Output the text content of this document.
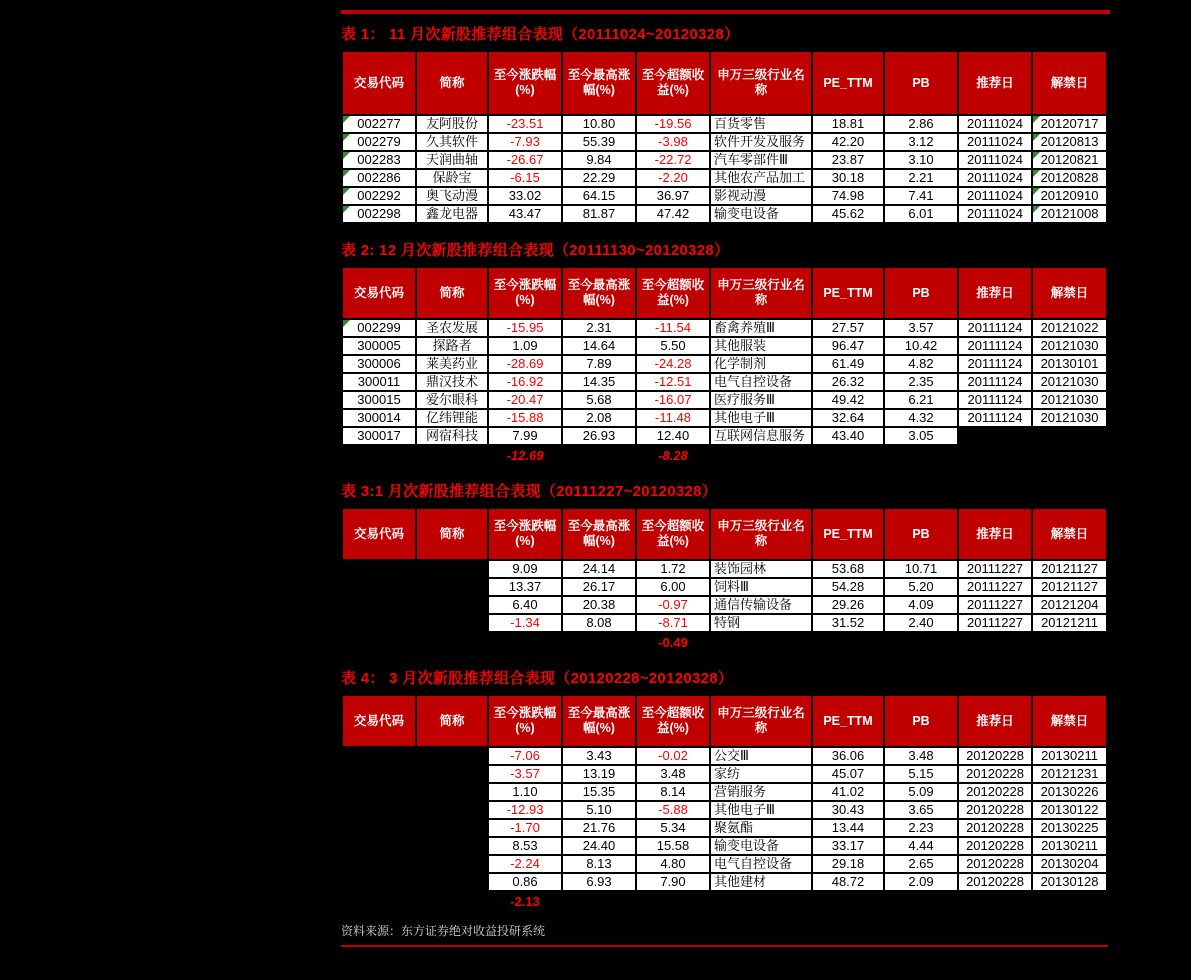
表 1： 11 月次新股推荐组合表现（20111024~20120328）
交易代码	简称

至今涨跌幅
(%)

至今最高涨
幅(%)

至今超额收
益(%)

申万三级行业名
称

PE_TTM	PB	推荐日	解禁日

002277	友阿股份	-23.51	10.80	-19.56	百货零售	18.81	2.86	20111024	20120717

002279	久其软件	-7.93	55.39	-3.98	软件开发及服务	42.20	3.12	20111024	20120813

002283	天润曲轴	-26.67	9.84	-22.72	汽车零部件Ⅲ	23.87	3.10	20111024	20120821

002286	保龄宝	-6.15	22.29	-2.20	其他农产品加工	30.18	2.21	20111024	20120828

002292	奥飞动漫	33.02	64.15	36.97	影视动漫	74.98	7.41	20111024	20120910

002298	鑫龙电器	43.47	81.87	47.42	输变电设备	45.62	6.01	20111024	20121008
表 2: 12 月次新股推荐组合表现（20111130~20120328）
交易代码	简称

至今涨跌幅
(%)

至今最高涨
幅(%)

至今超额收
益(%)

申万三级行业名
称

PE_TTM	PB	推荐日	解禁日

002299	圣农发展	-15.95	2.31	-11.54	畜禽养殖Ⅲ	27.57	3.57	20111124	20121022
300005	探路者	1.09	14.64	5.50	其他服装	96.47	10.42	20111124	20121030
300006	莱美药业	-28.69	7.89	-24.28	化学制剂	61.49	4.82	20111124	20130101
300011	鼎汉技术	-16.92	14.35	-12.51	电气自控设备	26.32	2.35	20111124	20121030
300015	爱尔眼科	-20.47	5.68	-16.07	医疗服务Ⅲ	49.42	6.21	20111124	20121030
300014	亿纬锂能	-15.88	2.08	-11.48	其他电子Ⅲ	32.64	4.32	20111124	20121030
300017	网宿科技	7.99	26.93	12.40	互联网信息服务	43.40	3.05		
		-12.69		-8.28					
表 3:1 月次新股推荐组合表现（20111227~20120328）
交易代码	简称

至今涨跌幅
(%)

至今最高涨
幅(%)

至今超额收
益(%)

申万三级行业名
称

PE_TTM	PB	推荐日	解禁日

		9.09	24.14	1.72	装饰园林	53.68	10.71	20111227	20121127
		13.37	26.17	6.00	饲料Ⅲ	54.28	5.20	20111227	20121127
		6.40	20.38	-0.97	通信传输设备	29.26	4.09	20111227	20121204
		-1.34	8.08	-8.71	特钢	31.52	2.40	20111227	20121211
				-0.49					
表 4： 3 月次新股推荐组合表现（20120228~20120328）
交易代码	简称

至今涨跌幅
(%)

至今最高涨
幅(%)

至今超额收
益(%)

申万三级行业名
称

PE_TTM	PB	推荐日	解禁日

		-7.06	3.43	-0.02	公交Ⅲ	36.06	3.48	20120228	20130211
		-3.57	13.19	3.48	家纺	45.07	5.15	20120228	20121231
		1.10	15.35	8.14	营销服务	41.02	5.09	20120228	20130226
		-12.93	5.10	-5.88	其他电子Ⅲ	30.43	3.65	20120228	20130122
		-1.70	21.76	5.34	聚氨酯	13.44	2.23	20120228	20130225
		8.53	24.40	15.58	输变电设备	33.17	4.44	20120228	20130211
		-2.24	8.13	4.80	电气自控设备	29.18	2.65	20120228	20130204
		0.86	6.93	7.90	其他建材	48.72	2.09	20120228	20130128
		-2.13							
资料来源：东方证券绝对收益投研系统
